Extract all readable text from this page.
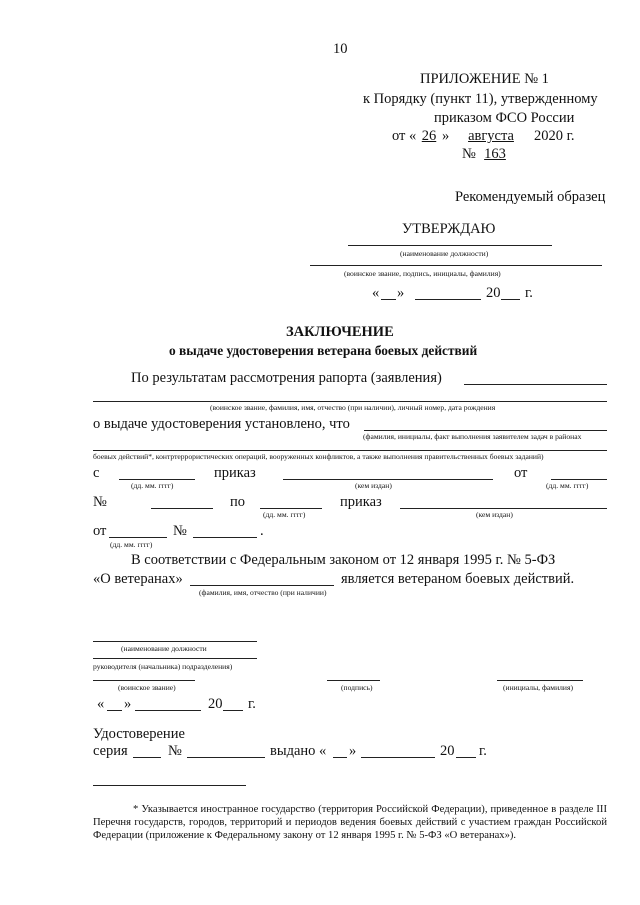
10
ПРИЛОЖЕНИЕ № 1
к Порядку (пункт 11), утвержденному
приказом ФСО России
от « 26 »	августа	2020 г.
№ 163
Рекомендуемый образец
УТВЕРЖДАЮ
(наименование должности)
(воинское звание, подпись, инициалы, фамилия)
« »	20 г.
ЗАКЛЮЧЕНИЕ
о выдаче удостоверения ветерана боевых действий
По результатам рассмотрения рапорта (заявления)
(воинское звание, фамилия, имя, отчество (при наличии), личный номер, дата рождения
о выдаче удостоверения установлено, что
(фамилия, инициалы, факт выполнения заявителем задач в районах
боевых действий*, контртеррористических операций, вооруженных конфликтов, а также выполнения правительственных боевых заданий)
с	приказ	от
(дд. мм. гггг)	(кем издан)	(дд. мм. гггг)
№	по	приказ
(дд. мм. гггг)	(кем издан)
от	№	.
(дд. мм. гггг)
В соответствии с Федеральным законом от 12 января 1995 г. № 5-ФЗ
«О ветеранах»	является ветераном боевых действий.
(фамилия, имя, отчество (при наличии)
(наименование должности
руководителя (начальника) подразделения)
(воинское звание)	(подпись)	(инициалы, фамилия)
« »	20 г.
Удостоверение
серия	№	выдано « »	20 г.
* Указывается иностранное государство (территория Российской Федерации), приведенное в разделе III Перечня государств, городов, территорий и периодов ведения боевых действий с участием граждан Российской Федерации (приложение к Федеральному закону от 12 января 1995 г. № 5-ФЗ «О ветеранах»).
